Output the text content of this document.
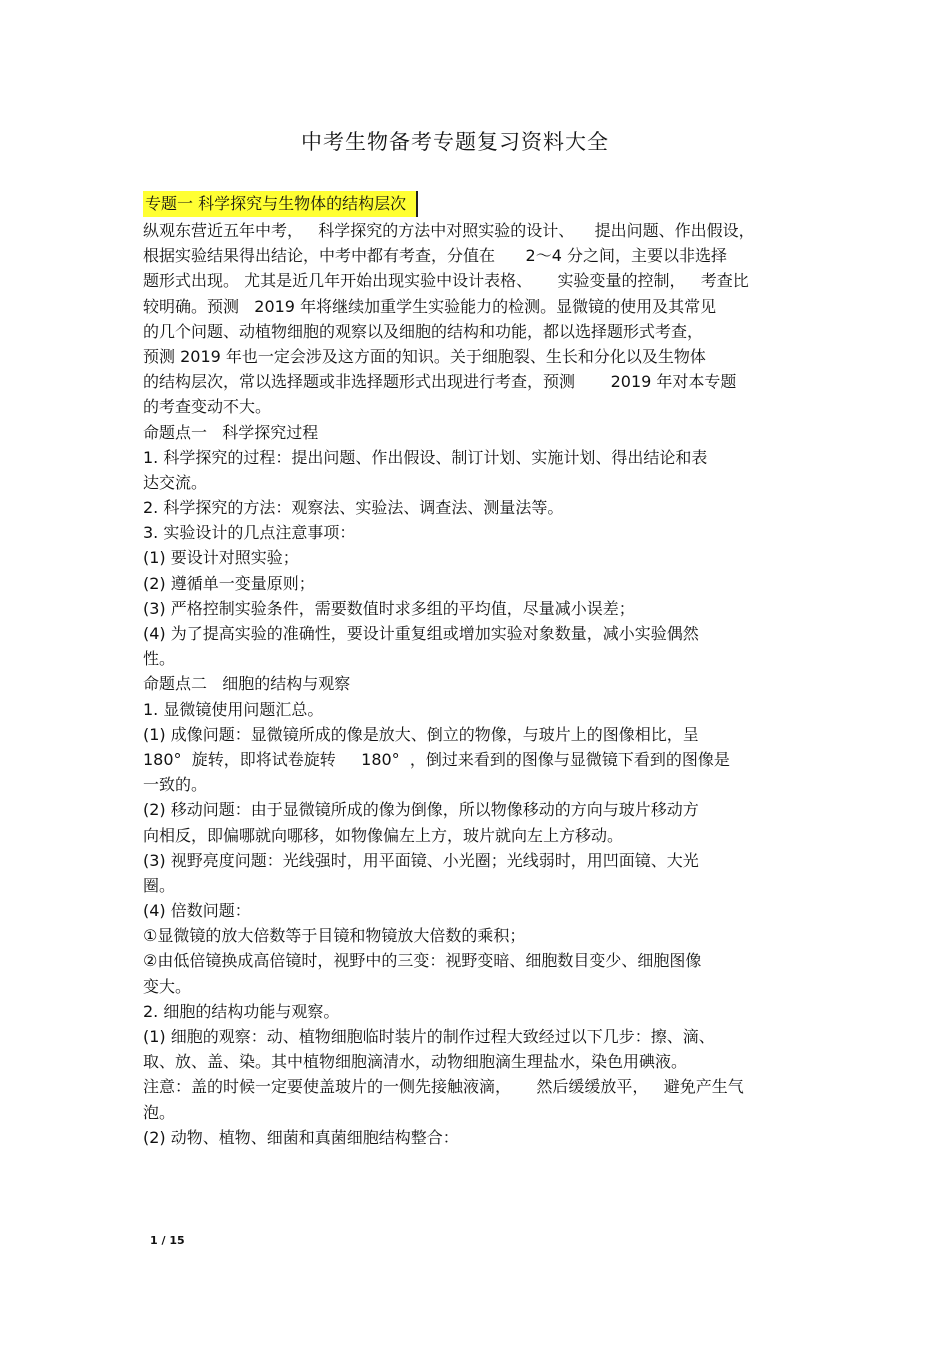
中考生物备考专题复习资料大全
专题一 科学探究与生物体的结构层次
纵观东营近五年中考，   科学探究的方法中对照实验的设计、    提出问题、作出假设，
根据实验结果得出结论，中考中都有考查，分值在      2～4 分之间，主要以非选择
题形式出现。 尤其是近几年开始出现实验中设计表格、     实验变量的控制，   考查比
较明确。预测   2019 年将继续加重学生实验能力的检测。显微镜的使用及其常见
的几个问题、动植物细胞的观察以及细胞的结构和功能，都以选择题形式考查，
预测 2019 年也一定会涉及这方面的知识。关于细胞裂、生长和分化以及生物体
的结构层次，常以选择题或非选择题形式出现进行考查，预测       2019 年对本专题
的考查变动不大。
命题点一   科学探究过程
1. 科学探究的过程：提出问题、作出假设、制订计划、实施计划、得出结论和表
达交流。
2. 科学探究的方法：观察法、实验法、调查法、测量法等。
3. 实验设计的几点注意事项：
(1) 要设计对照实验；
(2) 遵循单一变量原则；
(3) 严格控制实验条件，需要数值时求多组的平均值，尽量减小误差；
(4) 为了提高实验的准确性，要设计重复组或增加实验对象数量，减小实验偶然
性。
命题点二   细胞的结构与观察
1. 显微镜使用问题汇总。
(1) 成像问题：显微镜所成的像是放大、倒立的物像，与玻片上的图像相比，呈
180°  旋转，即将试卷旋转     180°  ，倒过来看到的图像与显微镜下看到的图像是
一致的。
(2) 移动问题：由于显微镜所成的像为倒像，所以物像移动的方向与玻片移动方
向相反，即偏哪就向哪移，如物像偏左上方，玻片就向左上方移动。
(3) 视野亮度问题：光线强时，用平面镜、小光圈；光线弱时，用凹面镜、大光
圈。
(4) 倍数问题：
①显微镜的放大倍数等于目镜和物镜放大倍数的乘积；
②由低倍镜换成高倍镜时，视野中的三变：视野变暗、细胞数目变少、细胞图像
变大。
2. 细胞的结构功能与观察。
(1) 细胞的观察：动、植物细胞临时装片的制作过程大致经过以下几步：擦、滴、
取、放、盖、染。其中植物细胞滴清水，动物细胞滴生理盐水，染色用碘液。
注意：盖的时候一定要使盖玻片的一侧先接触液滴，     然后缓缓放平，   避免产生气
泡。
(2) 动物、植物、细菌和真菌细胞结构整合：
1 / 15
